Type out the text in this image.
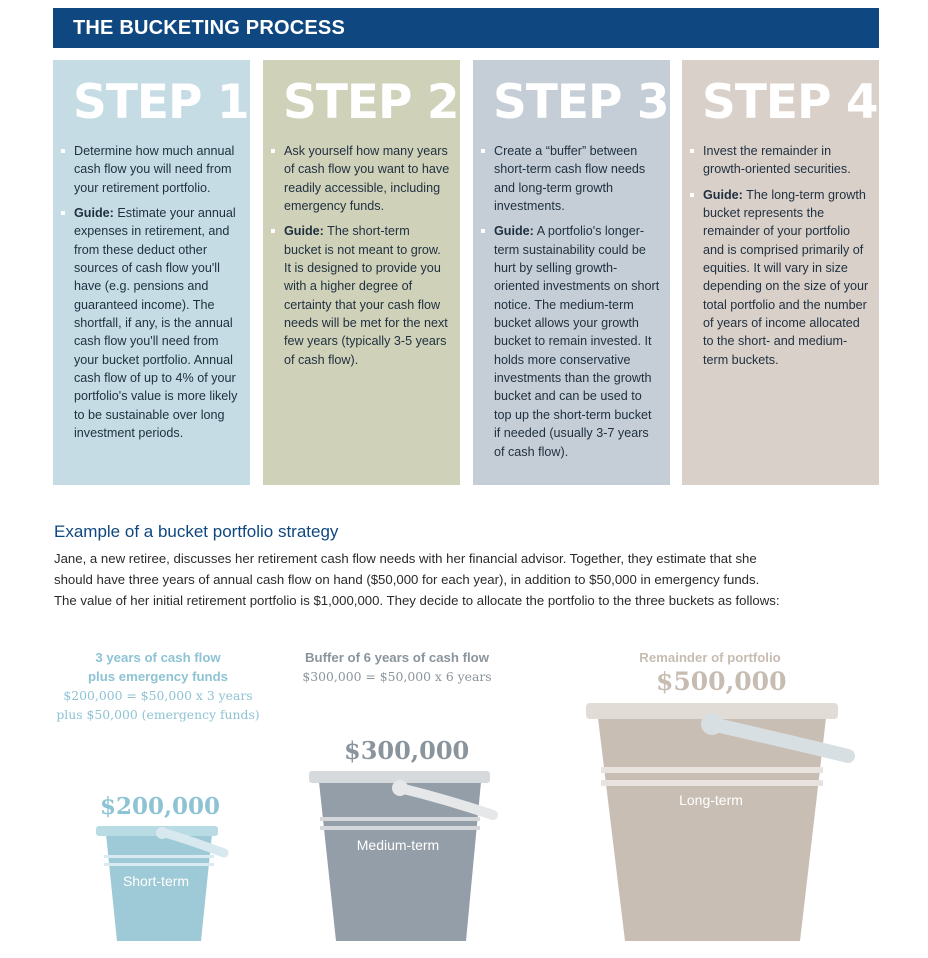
THE BUCKETING PROCESS
STEP 1
Determine how much annual cash flow you will need from your retirement portfolio.
Guide: Estimate your annual expenses in retirement, and from these deduct other sources of cash flow you'll have (e.g. pensions and guaranteed income). The shortfall, if any, is the annual cash flow you'll need from your bucket portfolio. Annual cash flow of up to 4% of your portfolio's value is more likely to be sustainable over long investment periods.
STEP 2
Ask yourself how many years of cash flow you want to have readily accessible, including emergency funds.
Guide: The short-term bucket is not meant to grow. It is designed to provide you with a higher degree of certainty that your cash flow needs will be met for the next few years (typically 3-5 years of cash flow).
STEP 3
Create a “buffer” between short-term cash flow needs and long-term growth investments.
Guide: A portfolio's longer-term sustainability could be hurt by selling growth-oriented investments on short notice. The medium-term bucket allows your growth bucket to remain invested. It holds more conservative investments than the growth bucket and can be used to top up the short-term bucket if needed (usually 3-7 years of cash flow).
STEP 4
Invest the remainder in growth-oriented securities.
Guide: The long-term growth bucket represents the remainder of your portfolio and is comprised primarily of equities. It will vary in size depending on the size of your total portfolio and the number of years of income allocated to the short- and medium-term buckets.
Example of a bucket portfolio strategy

Jane, a new retiree, discusses her retirement cash flow needs with her financial advisor. Together, they estimate that she

should have three years of annual cash flow on hand ($50,000 for each year), in addition to $50,000 in emergency funds.

The value of her initial retirement portfolio is $1,000,000. They decide to allocate the portfolio to the three buckets as follows:

3 years of cash flow
plus emergency funds
$200,000 = $50,000 x 3 years
plus $50,000 (emergency funds)
$200,000
Short-term
Buffer of 6 years of cash flow
$300,000 = $50,000 x 6 years
$300,000
Medium-term
Remainder of portfolio
$500,000
Long-term
